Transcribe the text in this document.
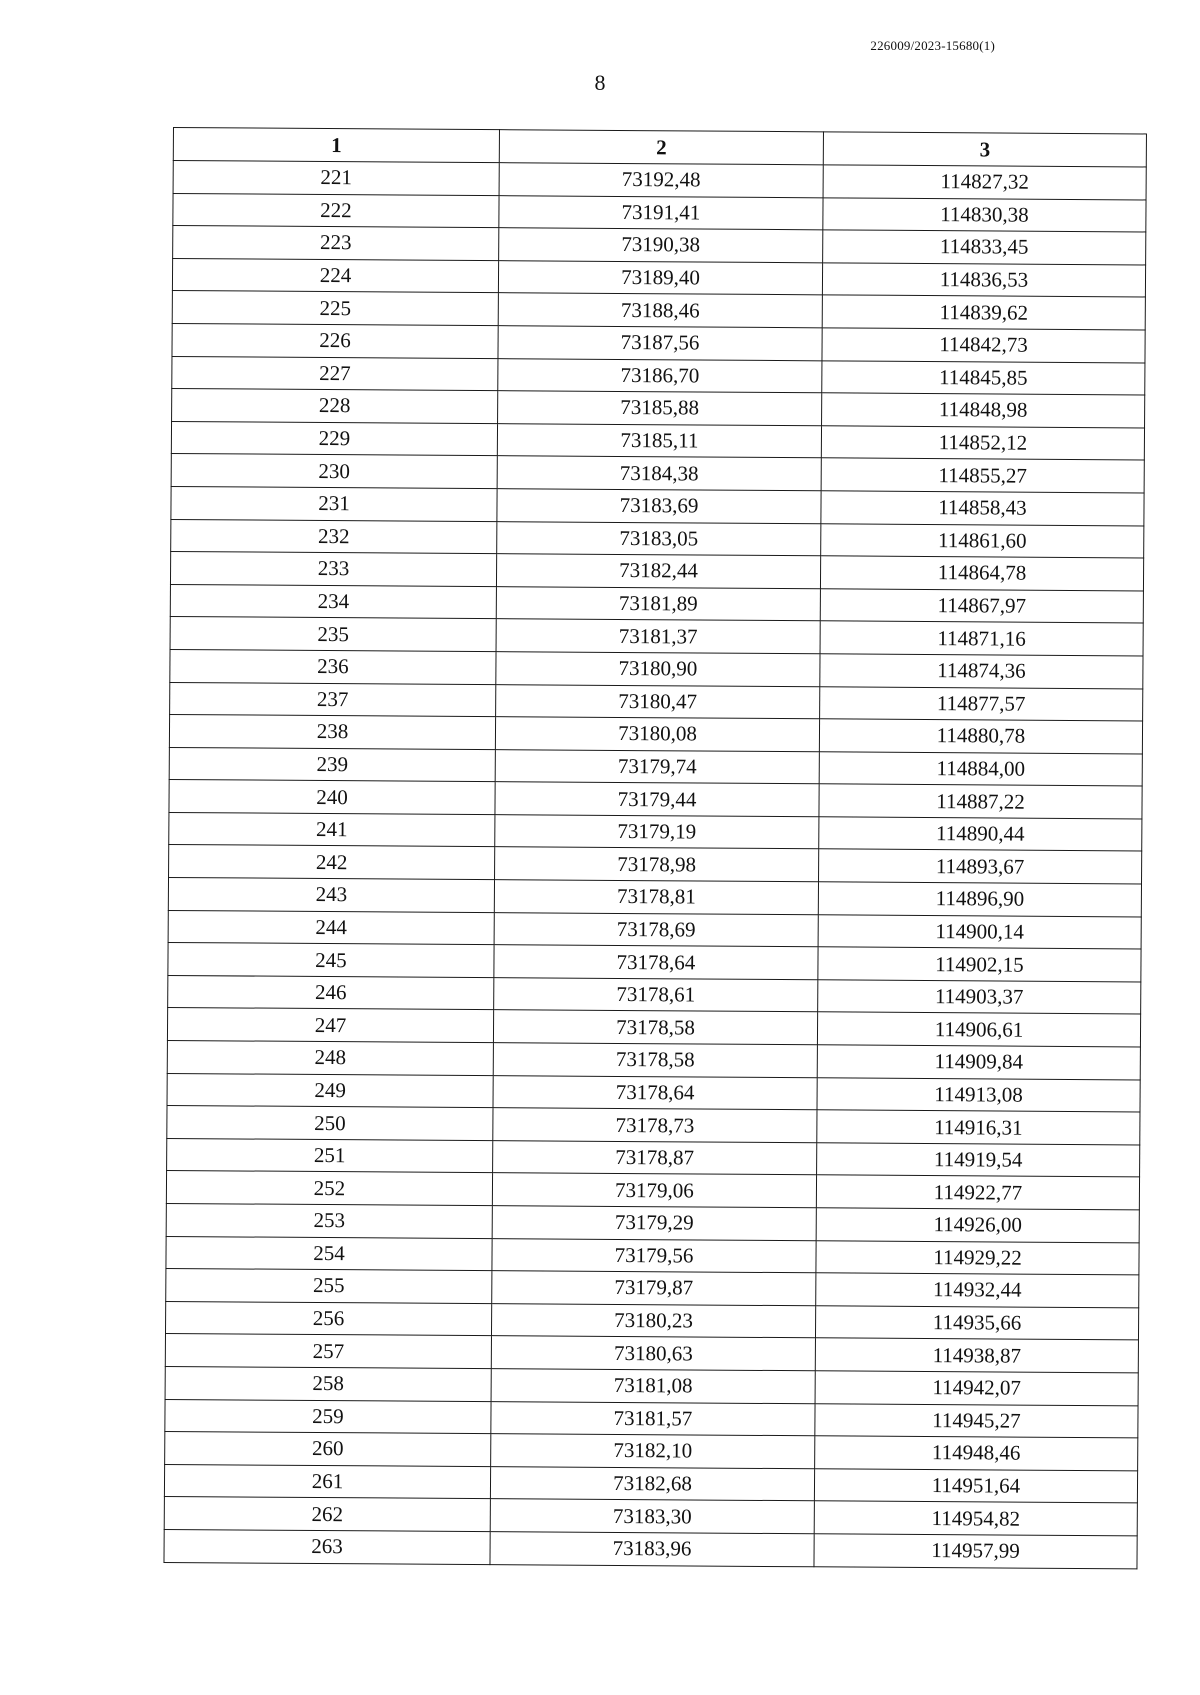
226009/2023-15680(1)
8
1	2	3
221	73192,48	114827,32
222	73191,41	114830,38
223	73190,38	114833,45
224	73189,40	114836,53
225	73188,46	114839,62
226	73187,56	114842,73
227	73186,70	114845,85
228	73185,88	114848,98
229	73185,11	114852,12
230	73184,38	114855,27
231	73183,69	114858,43
232	73183,05	114861,60
233	73182,44	114864,78
234	73181,89	114867,97
235	73181,37	114871,16
236	73180,90	114874,36
237	73180,47	114877,57
238	73180,08	114880,78
239	73179,74	114884,00
240	73179,44	114887,22
241	73179,19	114890,44
242	73178,98	114893,67
243	73178,81	114896,90
244	73178,69	114900,14
245	73178,64	114902,15
246	73178,61	114903,37
247	73178,58	114906,61
248	73178,58	114909,84
249	73178,64	114913,08
250	73178,73	114916,31
251	73178,87	114919,54
252	73179,06	114922,77
253	73179,29	114926,00
254	73179,56	114929,22
255	73179,87	114932,44
256	73180,23	114935,66
257	73180,63	114938,87
258	73181,08	114942,07
259	73181,57	114945,27
260	73182,10	114948,46
261	73182,68	114951,64
262	73183,30	114954,82
263	73183,96	114957,99
